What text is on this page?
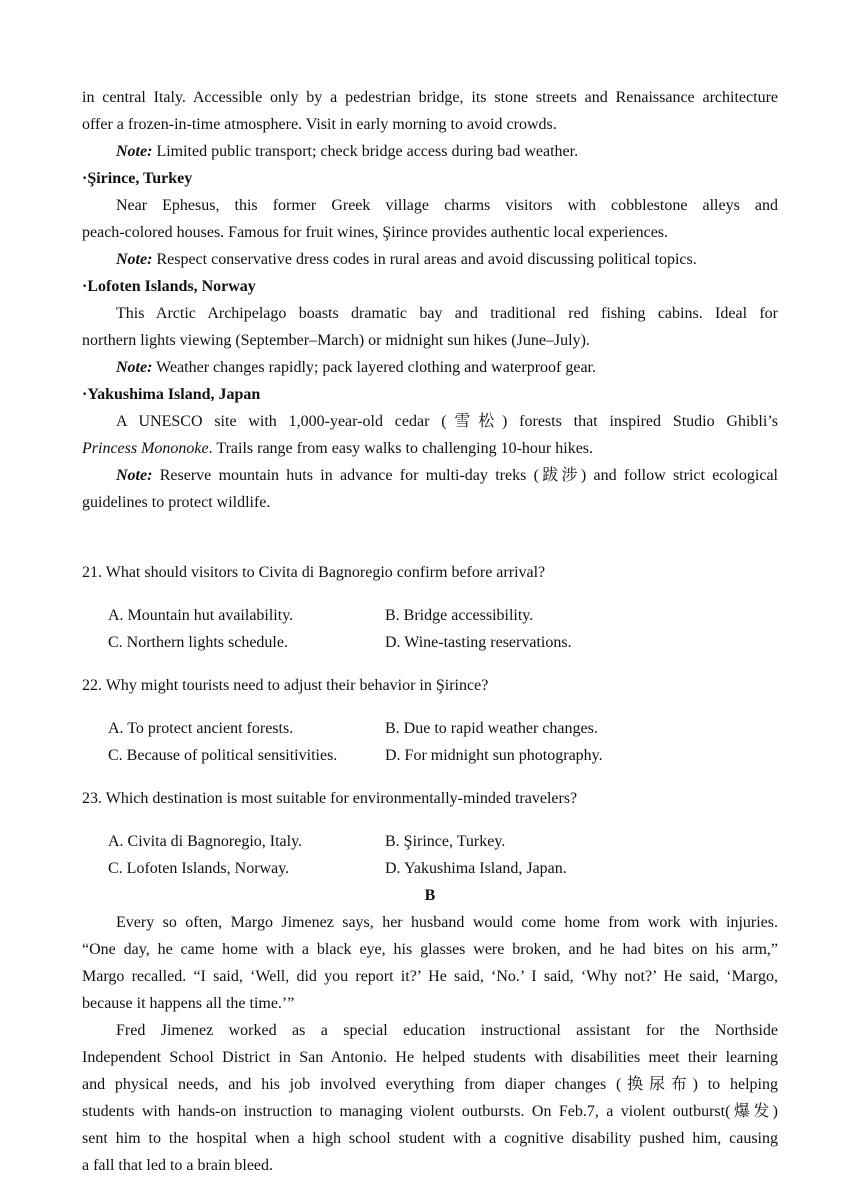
in central Italy. Accessible only by a pedestrian bridge, its stone streets and Renaissance architecture

offer a frozen-in-time atmosphere. Visit in early morning to avoid crowds.

Note: Limited public transport; check bridge access during bad weather.

·Şirince, Turkey

Near Ephesus, this former Greek village charms visitors with cobblestone alleys and

peach-colored houses. Famous for fruit wines, Şirince provides authentic local experiences.

Note: Respect conservative dress codes in rural areas and avoid discussing political topics.

·Lofoten Islands, Norway

This Arctic Archipelago boasts dramatic bay and traditional red fishing cabins. Ideal for

northern lights viewing (September–March) or midnight sun hikes (June–July).

Note: Weather changes rapidly; pack layered clothing and waterproof gear.

·Yakushima Island, Japan

A UNESCO site with 1,000-year-old cedar (雪松) forests that inspired Studio Ghibli’s

Princess Mononoke. Trails range from easy walks to challenging 10-hour hikes.

Note: Reserve mountain huts in advance for multi-day treks (跋涉) and follow strict ecological

guidelines to protect wildlife.

21. What should visitors to Civita di Bagnoregio confirm before arrival?

A. Mountain hut availability.	B. Bridge accessibility.
C. Northern lights schedule.	D. Wine-tasting reservations.

22. Why might tourists need to adjust their behavior in Şirince?

A. To protect ancient forests.	B. Due to rapid weather changes.
C. Because of political sensitivities.	D. For midnight sun photography.

23. Which destination is most suitable for environmentally-minded travelers?

A. Civita di Bagnoregio, Italy.	B. Şirince, Turkey.
C. Lofoten Islands, Norway.	D. Yakushima Island, Japan.

B

Every so often, Margo Jimenez says, her husband would come home from work with injuries.

“One day, he came home with a black eye, his glasses were broken, and he had bites on his arm,”

Margo recalled. “I said, ‘Well, did you report it?’ He said, ‘No.’ I said, ‘Why not?’ He said, ‘Margo,

because it happens all the time.’”

Fred Jimenez worked as a special education instructional assistant for the Northside

Independent School District in San Antonio. He helped students with disabilities meet their learning

and physical needs, and his job involved everything from diaper changes (换尿布) to helping

students with hands-on instruction to managing violent outbursts. On Feb.7, a violent outburst(爆发)

sent him to the hospital when a high school student with a cognitive disability pushed him, causing

a fall that led to a brain bleed.
